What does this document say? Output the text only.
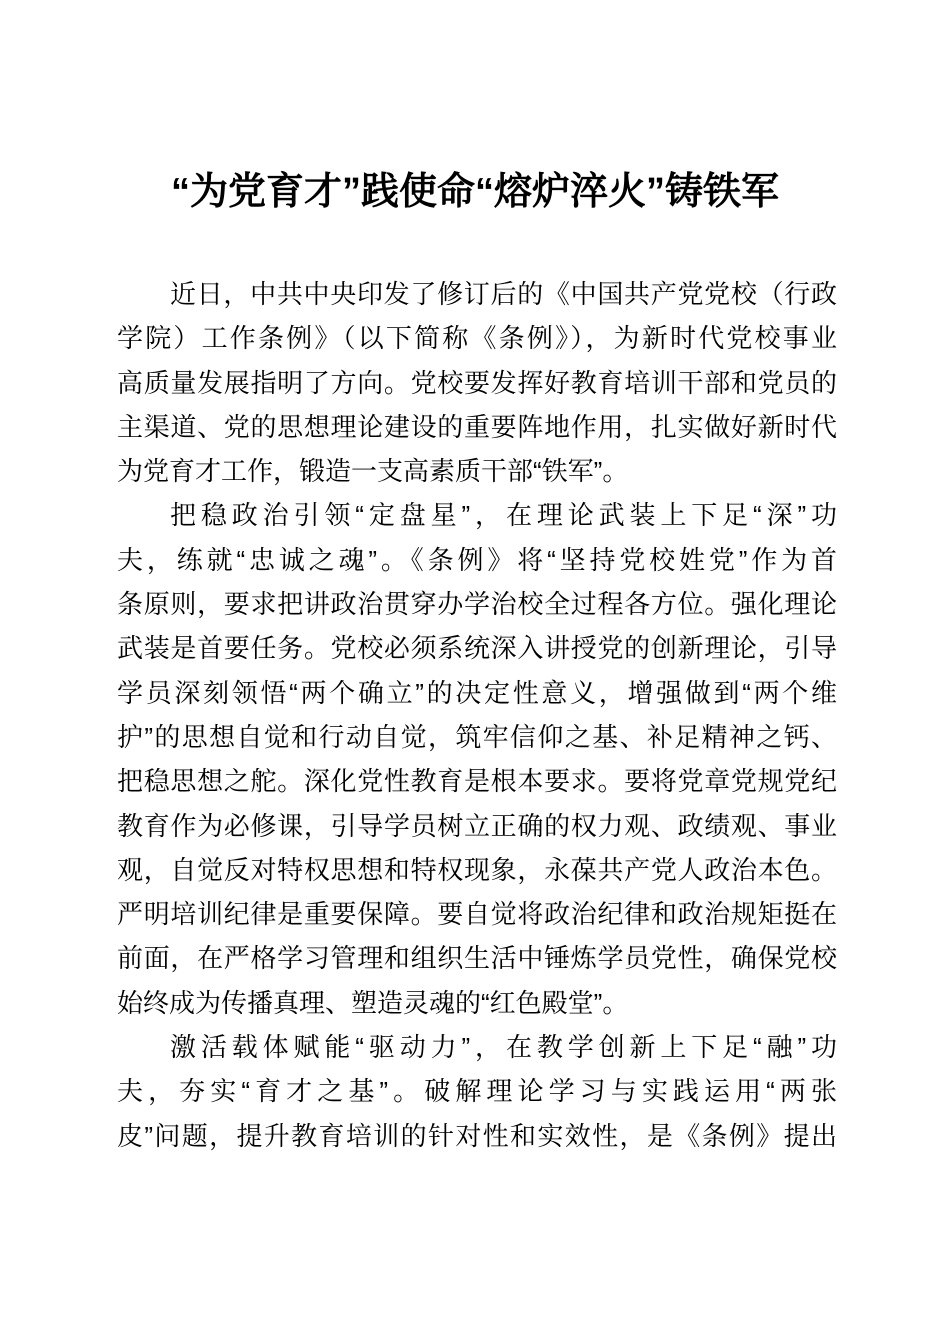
“为党育才”践使命“熔炉淬火”铸铁军
近日，中共中央印发了修订后的《中国共产党党校（行政
学院）工作条例》（以下简称《条例》），为新时代党校事业
高质量发展指明了方向。党校要发挥好教育培训干部和党员的
主渠道、党的思想理论建设的重要阵地作用，扎实做好新时代
为党育才工作，锻造一支高素质干部“铁军”。
把稳政治引领“定盘星”，在理论武装上下足“深”功
夫，练就“忠诚之魂”。《条例》将“坚持党校姓党”作为首
条原则，要求把讲政治贯穿办学治校全过程各方位。强化理论
武装是首要任务。党校必须系统深入讲授党的创新理论，引导
学员深刻领悟“两个确立”的决定性意义，增强做到“两个维
护”的思想自觉和行动自觉，筑牢信仰之基、补足精神之钙、
把稳思想之舵。深化党性教育是根本要求。要将党章党规党纪
教育作为必修课，引导学员树立正确的权力观、政绩观、事业
观，自觉反对特权思想和特权现象，永葆共产党人政治本色。
严明培训纪律是重要保障。要自觉将政治纪律和政治规矩挺在
前面，在严格学习管理和组织生活中锤炼学员党性，确保党校
始终成为传播真理、塑造灵魂的“红色殿堂”。
激活载体赋能“驱动力”，在教学创新上下足“融”功
夫，夯实“育才之基”。破解理论学习与实践运用“两张
皮”问题，提升教育培训的针对性和实效性，是《条例》提出
